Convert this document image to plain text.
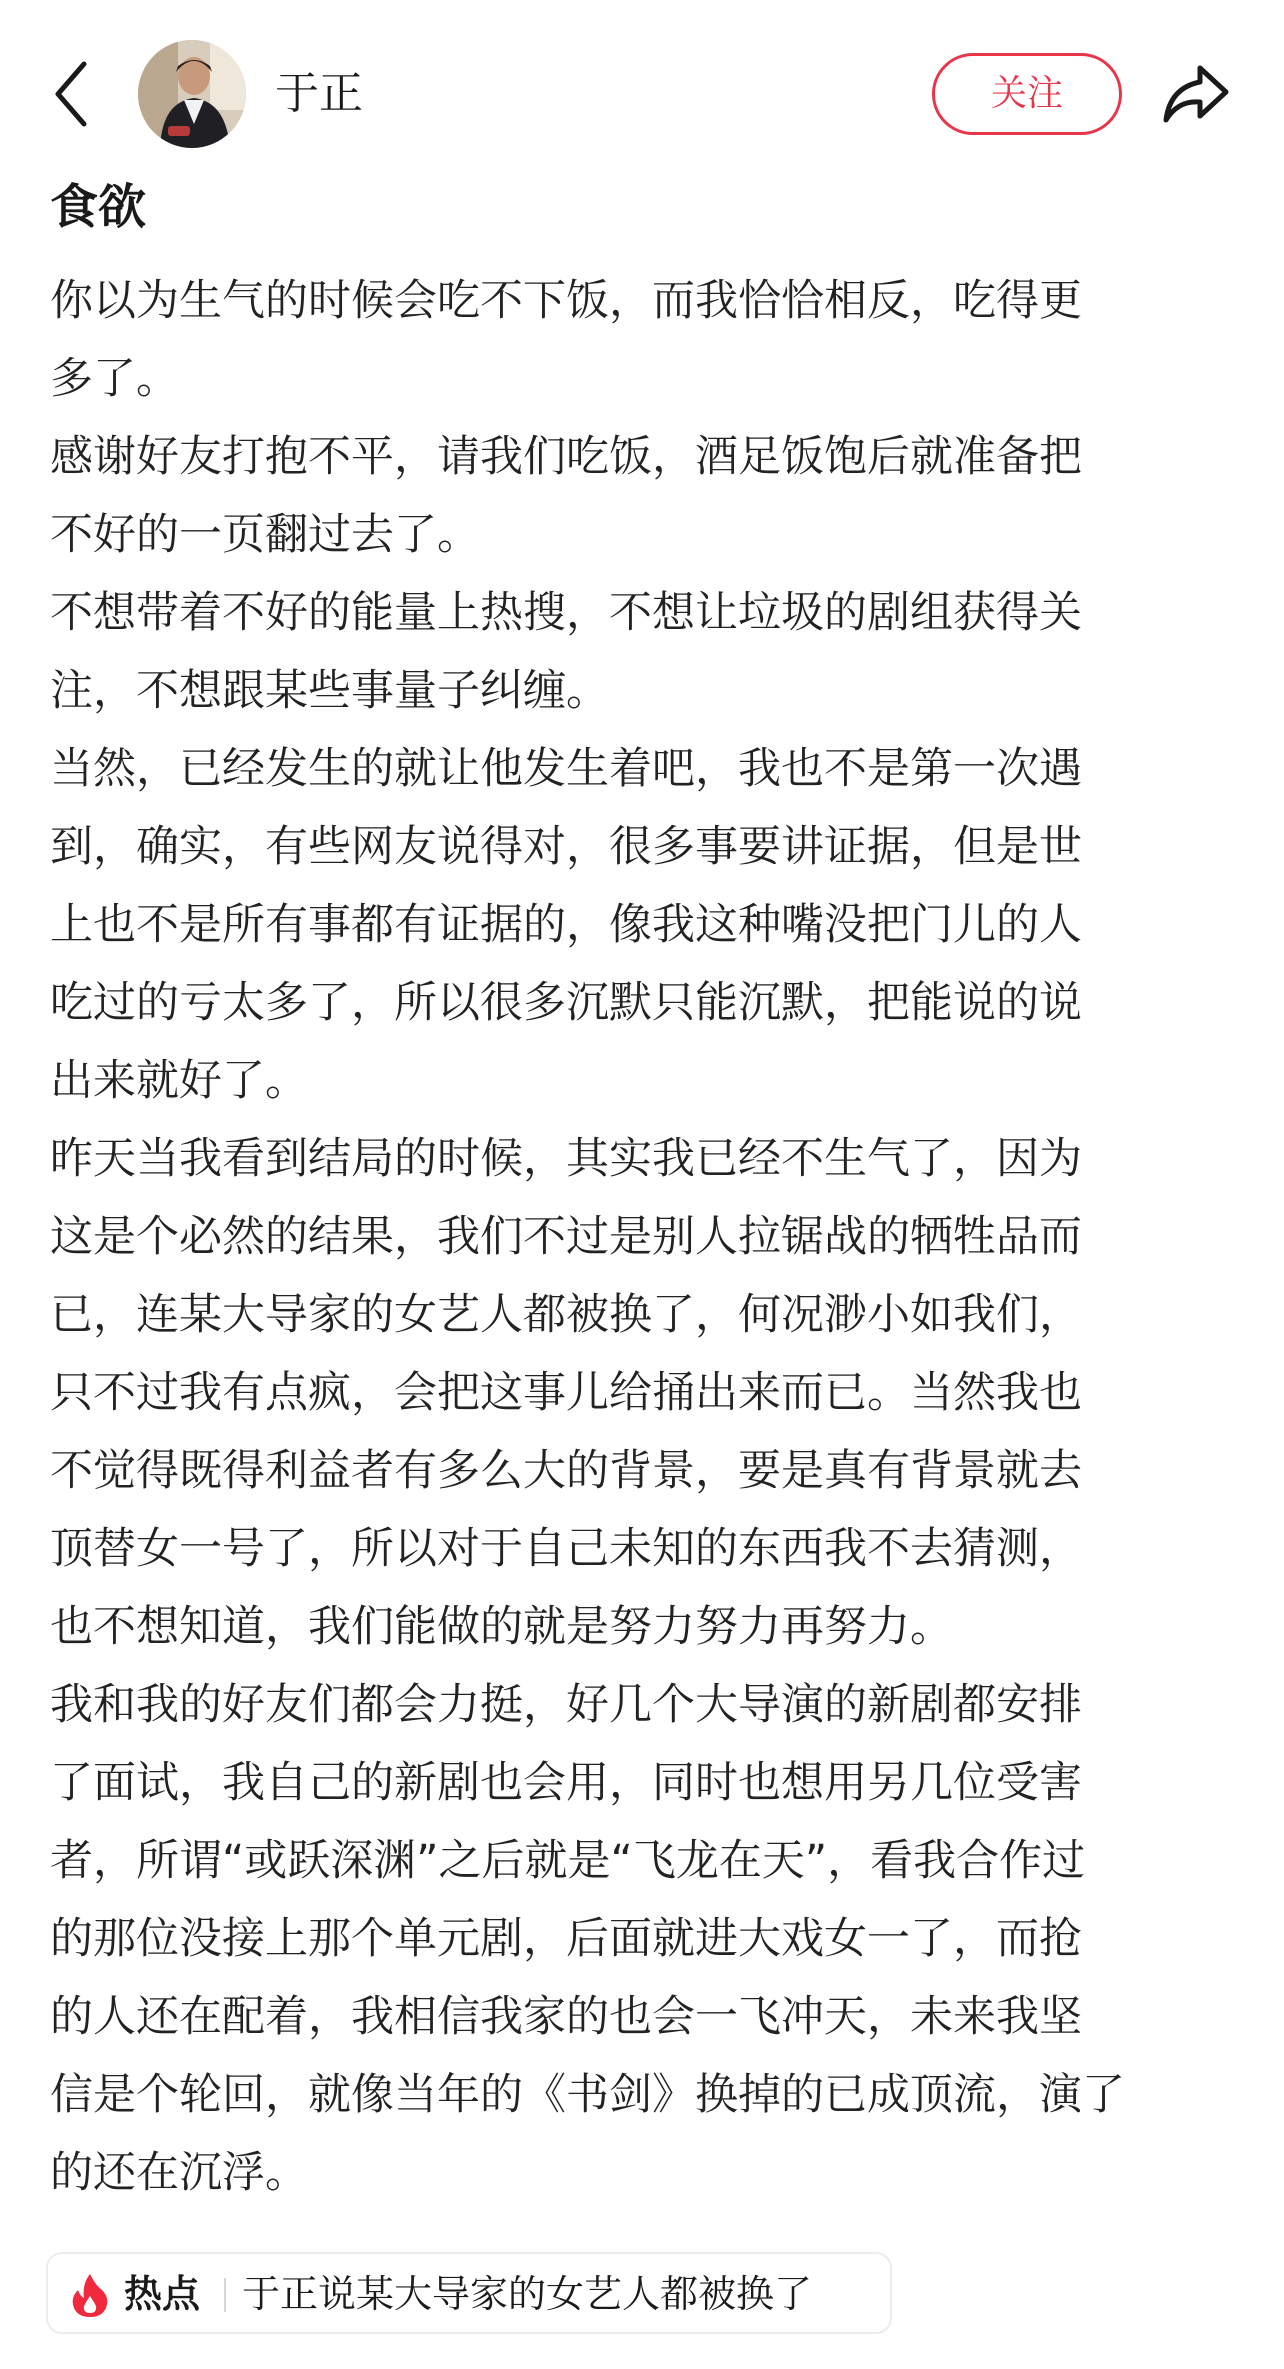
于正	关注
食欲

你以为生气的时候会吃不下饭，而我恰恰相反，吃得更
多了。

感谢好友打抱不平，请我们吃饭，酒足饭饱后就准备把
不好的一页翻过去了。

不想带着不好的能量上热搜，不想让垃圾的剧组获得关
注，不想跟某些事量子纠缠。

当然，已经发生的就让他发生着吧，我也不是第一次遇
到，确实，有些网友说得对，很多事要讲证据，但是世
上也不是所有事都有证据的，像我这种嘴没把门儿的人
吃过的亏太多了，所以很多沉默只能沉默，把能说的说
出来就好了。

昨天当我看到结局的时候，其实我已经不生气了，因为
这是个必然的结果，我们不过是别人拉锯战的牺牲品而
已，连某大导家的女艺人都被换了，何况渺小如我们，
只不过我有点疯，会把这事儿给捅出来而已。当然我也
不觉得既得利益者有多么大的背景，要是真有背景就去
顶替女一号了，所以对于自己未知的东西我不去猜测，
也不想知道，我们能做的就是努力努力再努力。

我和我的好友们都会力挺，好几个大导演的新剧都安排
了面试，我自己的新剧也会用，同时也想用另几位受害
者，所谓“或跃深渊”之后就是“飞龙在天”，看我合作过
的那位没接上那个单元剧，后面就进大戏女一了，而抢
的人还在配着，我相信我家的也会一飞冲天，未来我坚
信是个轮回，就像当年的《书剑》换掉的已成顶流，演了
的还在沉浮。

热点 于正说某大导家的女艺人都被换了
